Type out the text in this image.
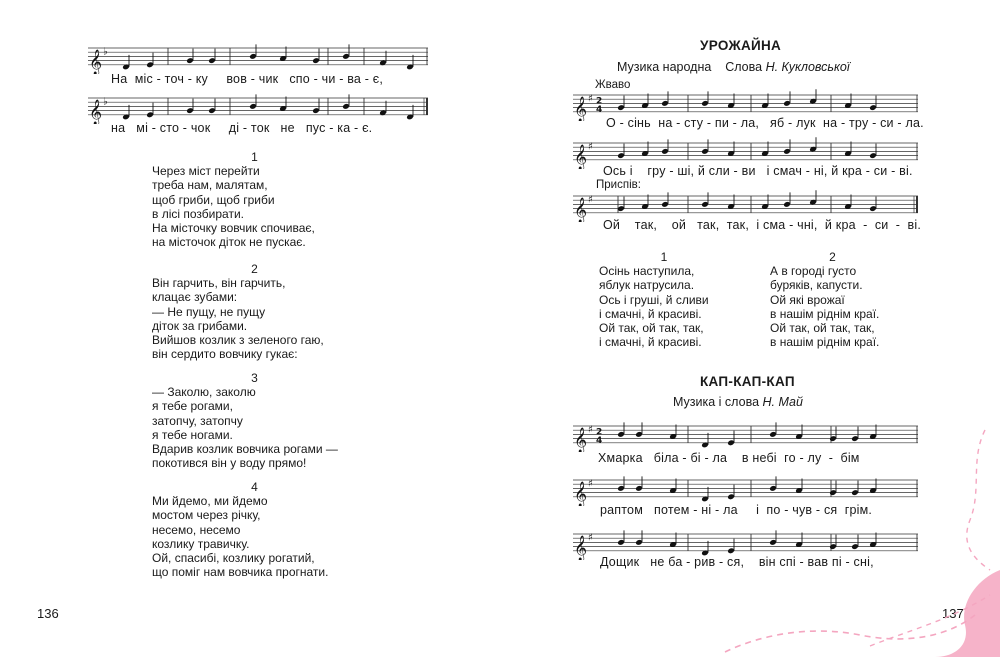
𝄞 ♭
На  міс - точ - ку     вов - чик   спо - чи - ва - є,
𝄞 ♭
на   мі - сто - чок     ді - ток   не   пус - ка - є.
1
Через міст перейти
треба нам, малятам,
щоб гриби, щоб гриби
в лісі позбирати.
На місточку вовчик спочиває,
на місточок діток не пускає.
2
Він гарчить, він гарчить,
клацає зубами:
— Не пущу, не пущу
діток за грибами.
Вийшов козлик з зеленого гаю,
він сердито вовчику гукає:
3
— Заколю, заколю
я тебе рогами,
затопчу, затопчу
я тебе ногами.
Вдарив козлик вовчика рогами —
покотився він у воду прямо!
4
Ми йдемо, ми йдемо
мостом через річку,
несемо, несемо
козлику травичку.
Ой, спасибі, козлику рогатий,
що поміг нам вовчика прогнати.
136
УРОЖАЙНА
Музика народна    Слова Н. Кукловської
Жваво
𝄞 ♯ 2
4
О - сінь  на - сту - пи - ла,   яб - лук  на - тру - си - ла.
𝄞 ♯
Ось і    гру - ші, й сли - ви   і смач - ні, й кра - си - ві.
Приспів:
𝄞 ♯
Ой    так,    ой   так,  так,  і сма - чні,  й кра  -  си  -  ві.
1
Осінь наступила,
яблук натрусила.
Ось і груші, й сливи
і смачні, й красиві.
Ой так, ой так, так,
і смачні, й красиві.
2
А в городі густо
буряків, капусти.
Ой які врожаї
в нашім ріднім краї.
Ой так, ой так, так,
в нашім ріднім краї.
КАП-КАП-КАП
Музика і слова Н. Май
𝄞 ♯ 2
4
Хмарка   біла - бі - ла    в небі  го - лу  -  бім
𝄞 ♯
раптом   потем - ні - ла     і  по - чув - ся  грім.
𝄞 ♯
Дощик   не ба - рив - ся,    він спі - вав пі - сні,
137
